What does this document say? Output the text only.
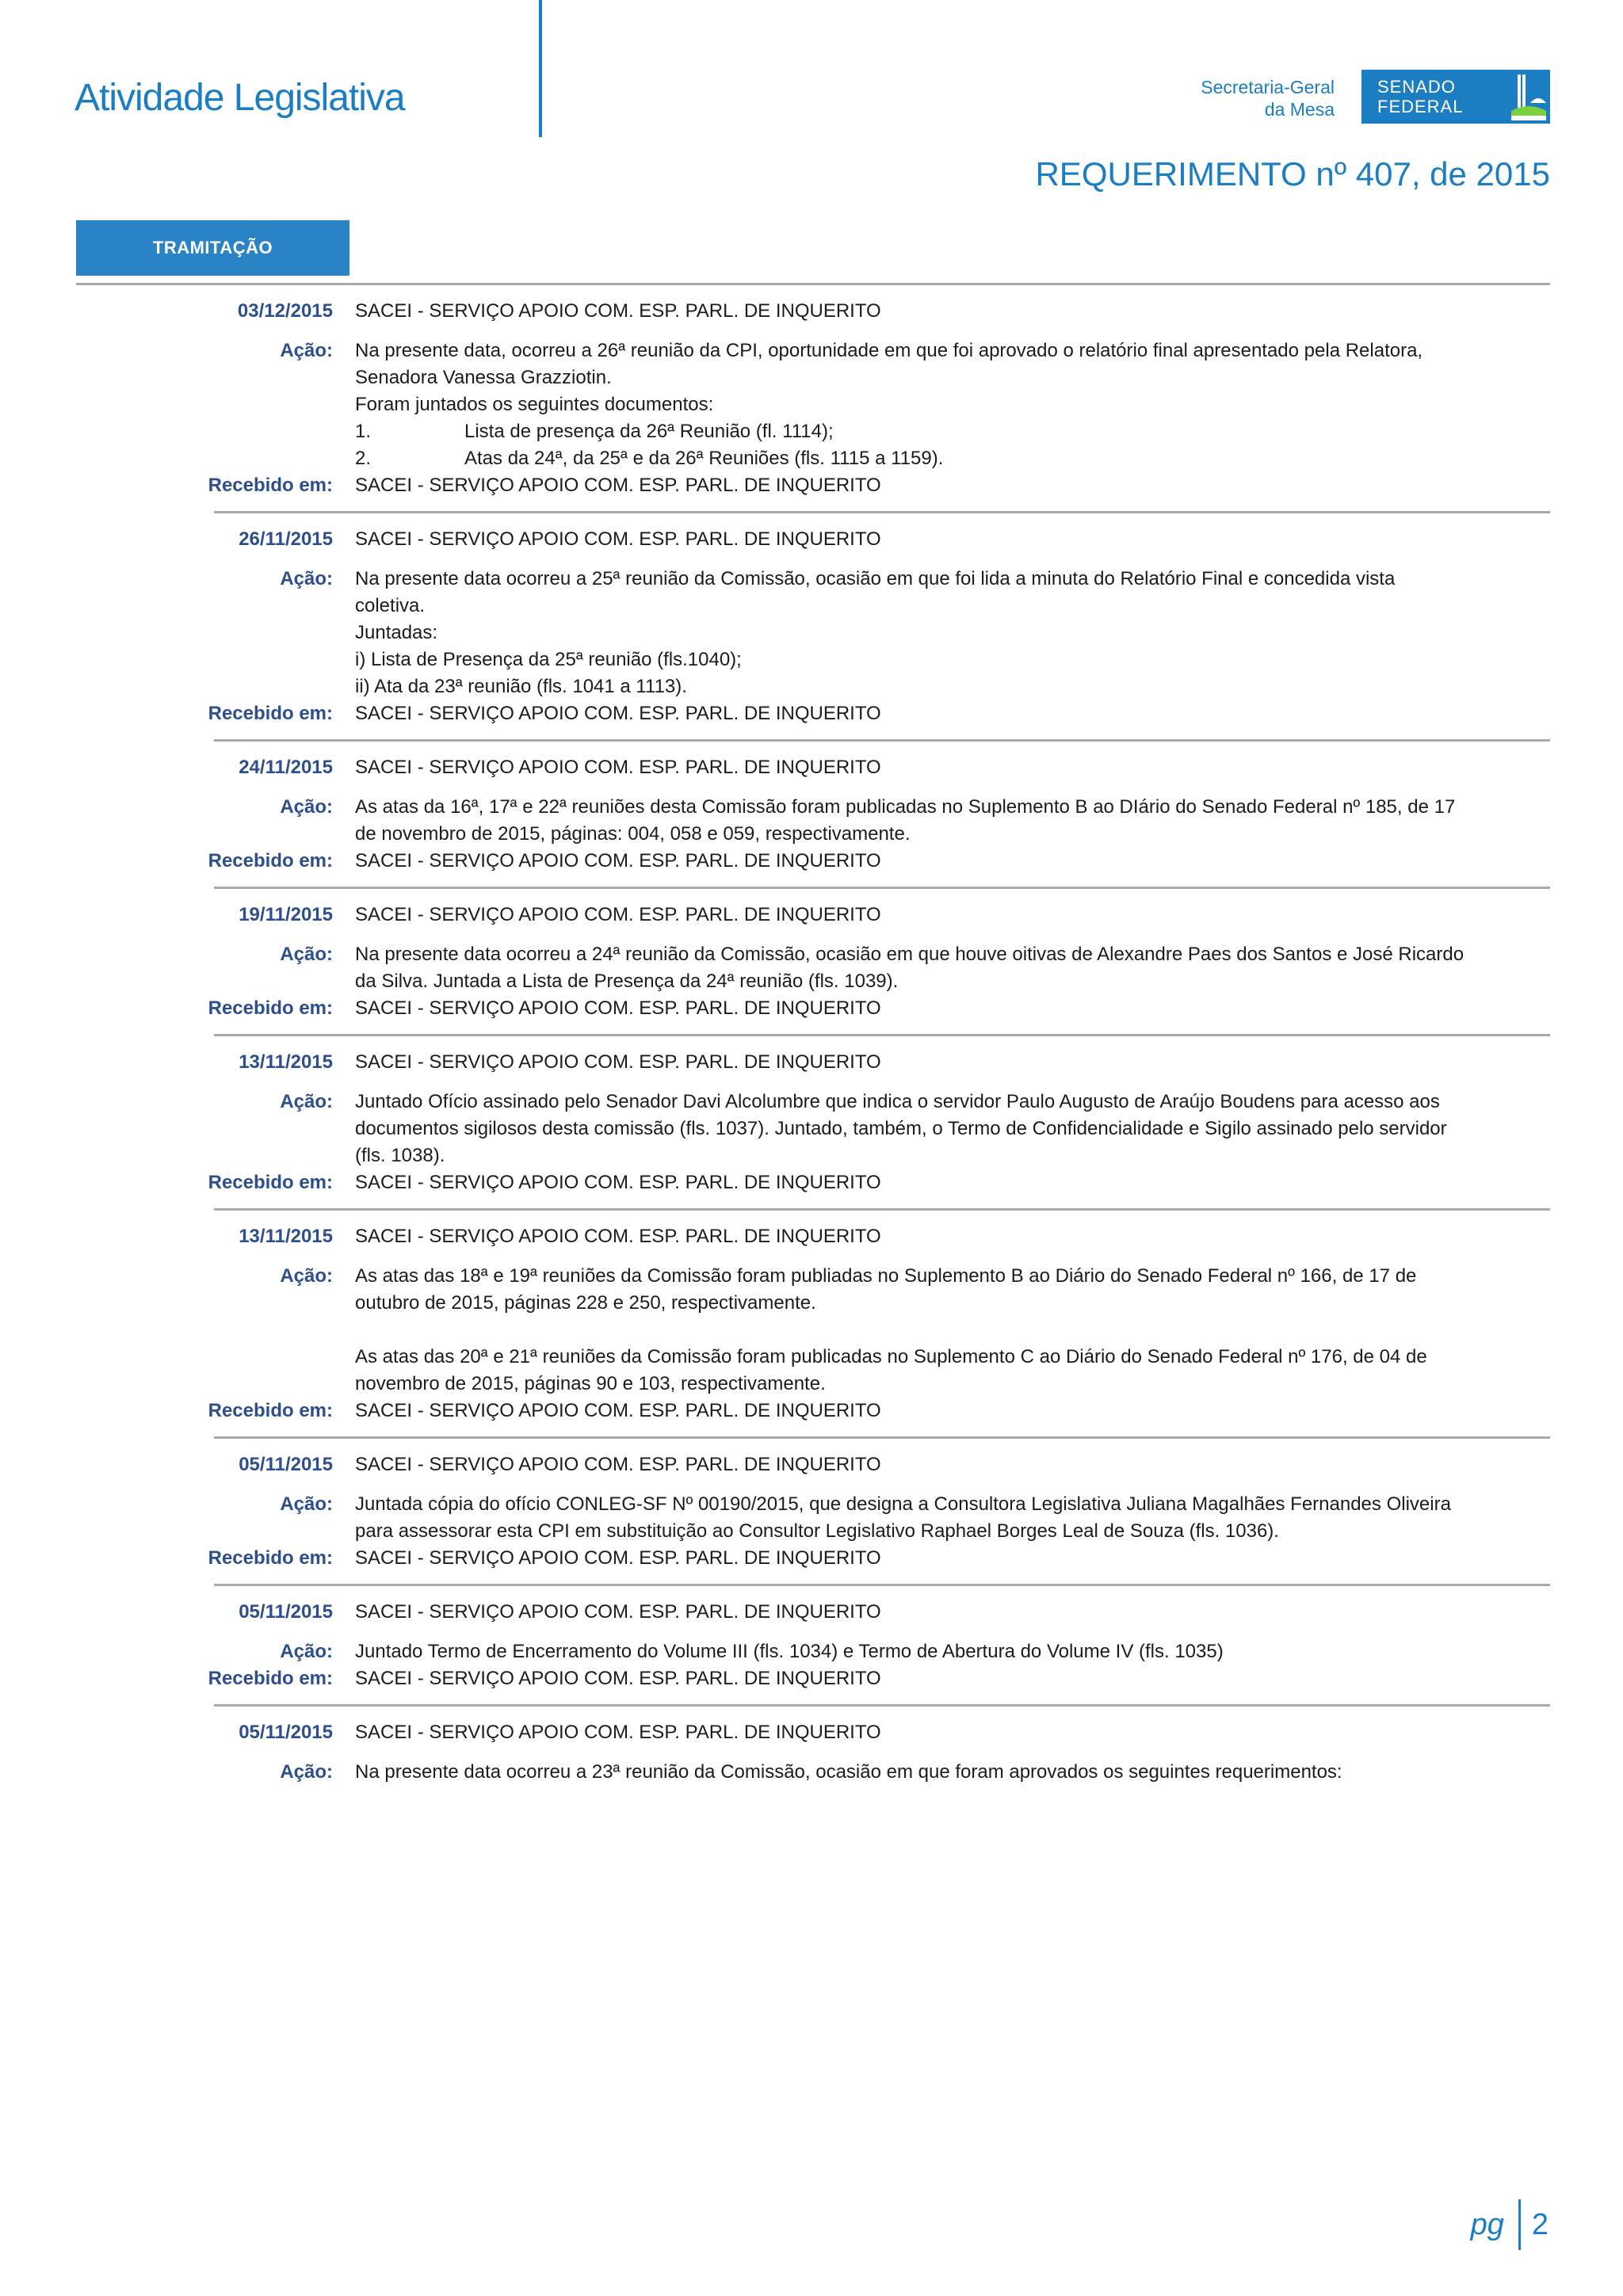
Atividade Legislativa	Secretaria-Geral
da Mesa
SENADO
FEDERAL
REQUERIMENTO nº 407, de 2015
TRAMITAÇÃO
03/12/2015	SACEI - SERVIÇO APOIO COM. ESP. PARL. DE INQUERITO
Ação:	Na presente data, ocorreu a 26ª reunião da CPI, oportunidade em que foi aprovado o relatório final apresentado pela Relatora,
Senadora Vanessa Grazziotin.
Foram juntados os seguintes documentos:
1.	Lista de presença da 26ª Reunião (fl. 1114);
2.	Atas da 24ª, da 25ª e da 26ª Reuniões (fls. 1115 a 1159).
Recebido em:	SACEI - SERVIÇO APOIO COM. ESP. PARL. DE INQUERITO
26/11/2015	SACEI - SERVIÇO APOIO COM. ESP. PARL. DE INQUERITO
Ação:	Na presente data ocorreu a 25ª reunião da Comissão, ocasião em que foi lida a minuta do Relatório Final e concedida vista
coletiva.
Juntadas:
i) Lista de Presença da 25ª reunião (fls.1040);
ii) Ata da 23ª reunião (fls. 1041 a 1113).
Recebido em:	SACEI - SERVIÇO APOIO COM. ESP. PARL. DE INQUERITO
24/11/2015	SACEI - SERVIÇO APOIO COM. ESP. PARL. DE INQUERITO
Ação:	As atas da 16ª, 17ª e 22ª reuniões desta Comissão foram publicadas no Suplemento B ao DIário do Senado Federal nº 185, de 17
de novembro de 2015, páginas: 004, 058 e 059, respectivamente.
Recebido em:	SACEI - SERVIÇO APOIO COM. ESP. PARL. DE INQUERITO
19/11/2015	SACEI - SERVIÇO APOIO COM. ESP. PARL. DE INQUERITO
Ação:	Na presente data ocorreu a 24ª reunião da Comissão, ocasião em que houve oitivas de Alexandre Paes dos Santos e José Ricardo
da Silva. Juntada a Lista de Presença da 24ª reunião (fls. 1039).
Recebido em:	SACEI - SERVIÇO APOIO COM. ESP. PARL. DE INQUERITO
13/11/2015	SACEI - SERVIÇO APOIO COM. ESP. PARL. DE INQUERITO
Ação:	Juntado Ofício assinado pelo Senador Davi Alcolumbre que indica o servidor Paulo Augusto de Araújo Boudens para acesso aos
documentos sigilosos desta comissão (fls. 1037). Juntado, também, o Termo de Confidencialidade e Sigilo assinado pelo servidor
(fls. 1038).
Recebido em:	SACEI - SERVIÇO APOIO COM. ESP. PARL. DE INQUERITO
13/11/2015	SACEI - SERVIÇO APOIO COM. ESP. PARL. DE INQUERITO
Ação:	As atas das 18ª e 19ª reuniões da Comissão foram publiadas no Suplemento B ao Diário do Senado Federal nº 166, de 17 de
outubro de 2015, páginas 228 e 250, respectivamente.
As atas das 20ª e 21ª reuniões da Comissão foram publicadas no Suplemento C ao Diário do Senado Federal nº 176, de 04 de
novembro de 2015, páginas 90 e 103, respectivamente.
Recebido em:	SACEI - SERVIÇO APOIO COM. ESP. PARL. DE INQUERITO
05/11/2015	SACEI - SERVIÇO APOIO COM. ESP. PARL. DE INQUERITO
Ação:	Juntada cópia do ofício CONLEG-SF Nº 00190/2015, que designa a Consultora Legislativa Juliana Magalhães Fernandes Oliveira
para assessorar esta CPI em substituição ao Consultor Legislativo Raphael Borges Leal de Souza (fls. 1036).
Recebido em:	SACEI - SERVIÇO APOIO COM. ESP. PARL. DE INQUERITO
05/11/2015	SACEI - SERVIÇO APOIO COM. ESP. PARL. DE INQUERITO
Ação:	Juntado Termo de Encerramento do Volume III (fls. 1034) e Termo de Abertura do Volume IV (fls. 1035)
Recebido em:	SACEI - SERVIÇO APOIO COM. ESP. PARL. DE INQUERITO
05/11/2015	SACEI - SERVIÇO APOIO COM. ESP. PARL. DE INQUERITO
Ação:	Na presente data ocorreu a 23ª reunião da Comissão, ocasião em que foram aprovados os seguintes requerimentos:
pg 2
